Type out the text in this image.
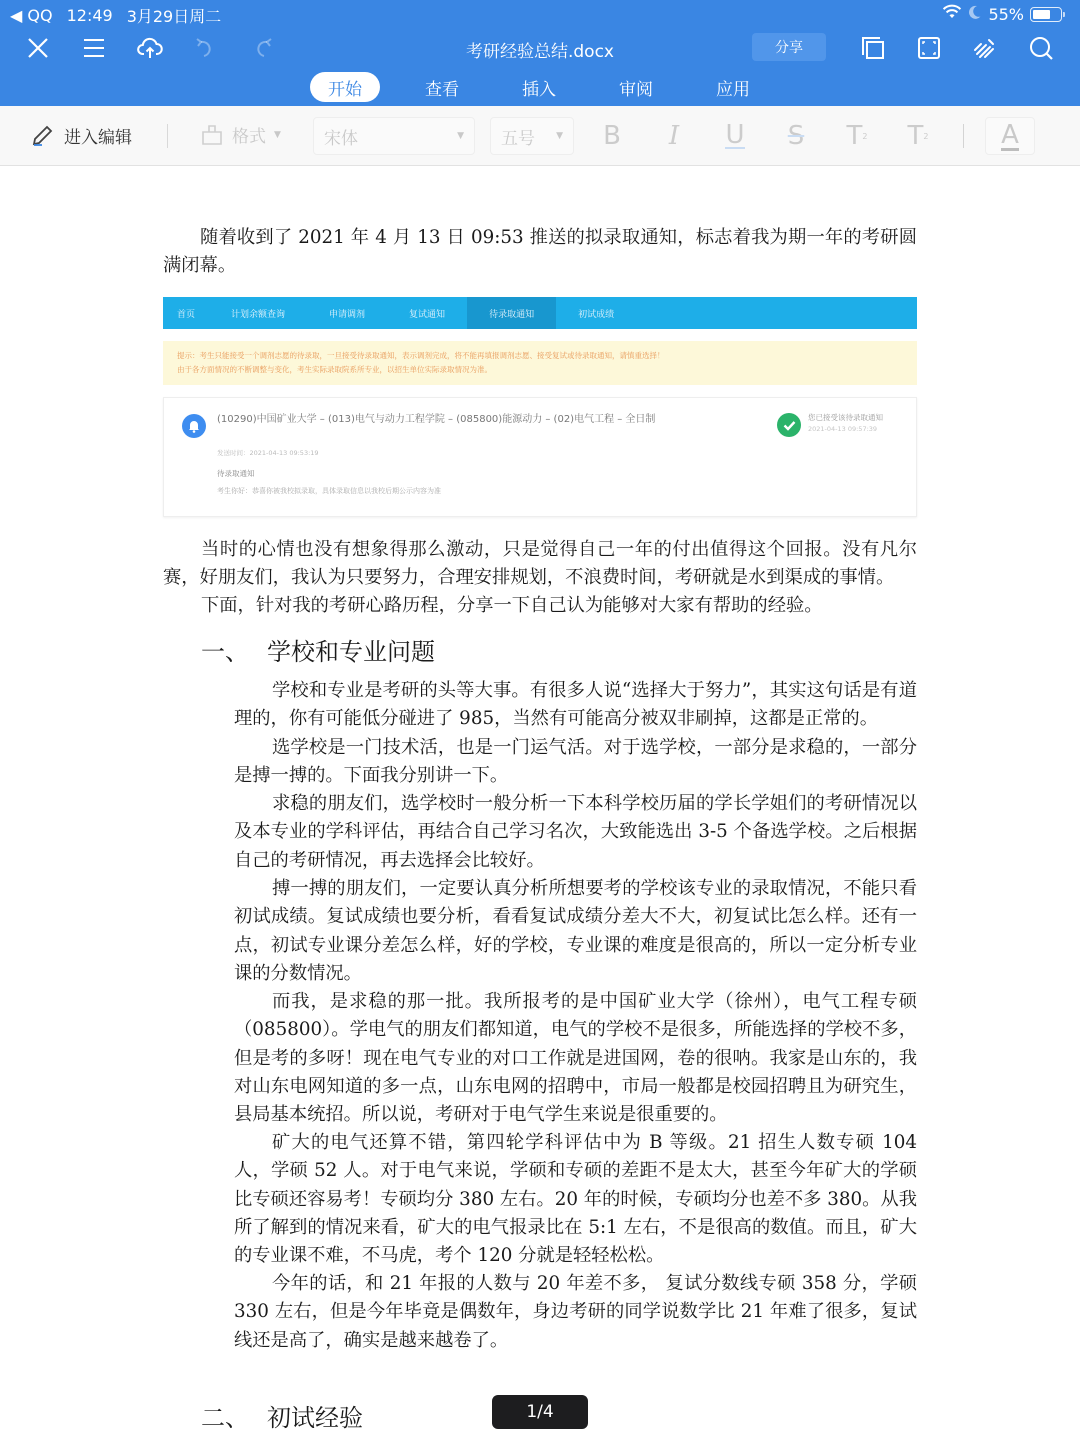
◀ QQ 12:49 3月29日周二	55%
考研经验总结.docx	分享
开始	查看	插入	审阅	应用
进入编辑	格式 ▼	宋体	▼ 五号 ▼ B I U S T 2 T 2	A
随着收到了 2021 年 4 月 13 日 09:53 推送的拟录取通知，标志着我为期一年的考研圆满闭幕。
首页	计划余额查询	申请调剂	复试通知	待录取通知	初试成绩
提示：考生只能接受一个调剂志愿的待录取，一旦接受待录取通知，表示调剂完成，将不能再填报调剂志愿、接受复试或待录取通知，请慎重选择！
由于各方面情况的不断调整与变化，考生实际录取院系所专业，以招生单位实际录取情况为准。
(10290)中国矿业大学 – (013)电气与动力工程学院 – (085800)能源动力 – (02)电气工程 – 全日制
发送时间：2021-04-13 09:53:19
待录取通知
考生你好：恭喜你被我校拟录取，具体录取信息以我校后期公示内容为准
您已接受该待录取通知
2021-04-13 09:57:39
当时的心情也没有想象得那么激动，只是觉得自己一年的付出值得这个回报。没有凡尔赛，好朋友们，我认为只要努力，合理安排规划，不浪费时间，考研就是水到渠成的事情。
下面，针对我的考研心路历程，分享一下自己认为能够对大家有帮助的经验。
一、 学校和专业问题
学校和专业是考研的头等大事。有很多人说“选择大于努力”，其实这句话是有道理的，你有可能低分碰进了 985，当然有可能高分被双非刷掉，这都是正常的。
选学校是一门技术活，也是一门运气活。对于选学校，一部分是求稳的，一部分是搏一搏的。下面我分别讲一下。
求稳的朋友们，选学校时一般分析一下本科学校历届的学长学姐们的考研情况以及本专业的学科评估，再结合自己学习名次，大致能选出 3-5 个备选学校。之后根据自己的考研情况，再去选择会比较好。
搏一搏的朋友们，一定要认真分析所想要考的学校该专业的录取情况，不能只看初试成绩。复试成绩也要分析，看看复试成绩分差大不大，初复试比怎么样。还有一点，初试专业课分差怎么样，好的学校，专业课的难度是很高的，所以一定分析专业课的分数情况。
而我，是求稳的那一批。我所报考的是中国矿业大学（徐州），电气工程专硕（085800）。学电气的朋友们都知道，电气的学校不是很多，所能选择的学校不多，但是考的多呀！现在电气专业的对口工作就是进国网，卷的很呐。我家是山东的，我对山东电网知道的多一点，山东电网的招聘中，市局一般都是校园招聘且为研究生，县局基本统招。所以说，考研对于电气学生来说是很重要的。
矿大的电气还算不错，第四轮学科评估中为 B 等级。21 招生人数专硕 104 人，学硕 52 人。对于电气来说，学硕和专硕的差距不是太大，甚至今年矿大的学硕比专硕还容易考！专硕均分 380 左右。20 年的时候，专硕均分也差不多 380。从我所了解到的情况来看，矿大的电气报录比在 5:1 左右，不是很高的数值。而且，矿大的专业课不难，不马虎，考个 120 分就是轻轻松松。
今年的话，和 21 年报的人数与 20 年差不多， 复试分数线专硕 358 分，学硕 330 左右，但是今年毕竟是偶数年，身边考研的同学说数学比 21 年难了很多，复试线还是高了，确实是越来越卷了。
二、 初试经验	1/4
